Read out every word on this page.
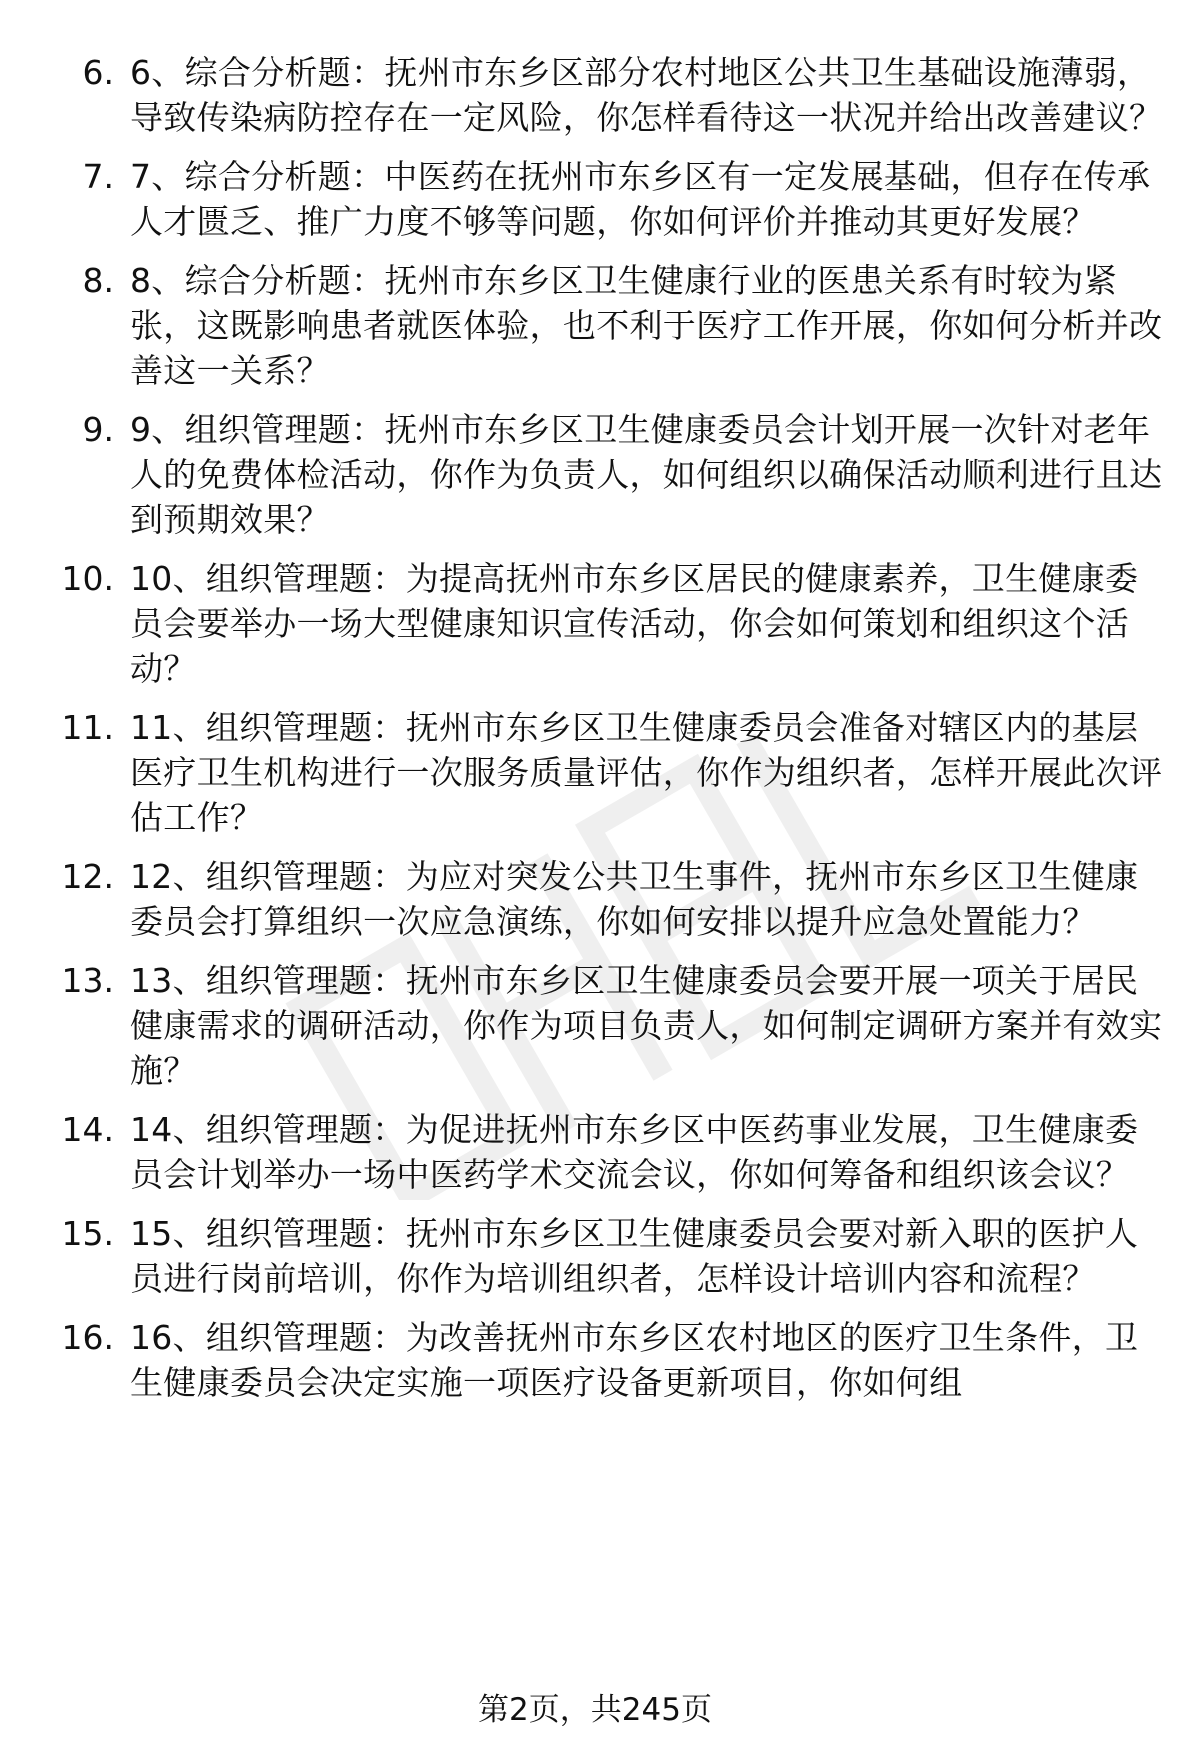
6. 6、综合分析题：抚州市东乡区部分农村地区公共卫生基础设施薄弱，导致传染病防控存在一定风险，你怎样看待这一状况并给出改善建议？
7. 7、综合分析题：中医药在抚州市东乡区有一定发展基础，但存在传承人才匮乏、推广力度不够等问题，你如何评价并推动其更好发展？
8. 8、综合分析题：抚州市东乡区卫生健康行业的医患关系有时较为紧张，这既影响患者就医体验，也不利于医疗工作开展，你如何分析并改善这一关系？
9. 9、组织管理题：抚州市东乡区卫生健康委员会计划开展一次针对老年人的免费体检活动，你作为负责人，如何组织以确保活动顺利进行且达到预期效果？
10. 10、组织管理题：为提高抚州市东乡区居民的健康素养，卫生健康委员会要举办一场大型健康知识宣传活动，你会如何策划和组织这个活动？
11. 11、组织管理题：抚州市东乡区卫生健康委员会准备对辖区内的基层医疗卫生机构进行一次服务质量评估，你作为组织者，怎样开展此次评估工作？
12. 12、组织管理题：为应对突发公共卫生事件，抚州市东乡区卫生健康委员会打算组织一次应急演练，你如何安排以提升应急处置能力？
13. 13、组织管理题：抚州市东乡区卫生健康委员会要开展一项关于居民健康需求的调研活动，你作为项目负责人，如何制定调研方案并有效实施？
14. 14、组织管理题：为促进抚州市东乡区中医药事业发展，卫生健康委员会计划举办一场中医药学术交流会议，你如何筹备和组织该会议？
15. 15、组织管理题：抚州市东乡区卫生健康委员会要对新入职的医护人员进行岗前培训，你作为培训组织者，怎样设计培训内容和流程？
16. 16、组织管理题：为改善抚州市东乡区农村地区的医疗卫生条件，卫生健康委员会决定实施一项医疗设备更新项目，你如何组
第2页，共245页
